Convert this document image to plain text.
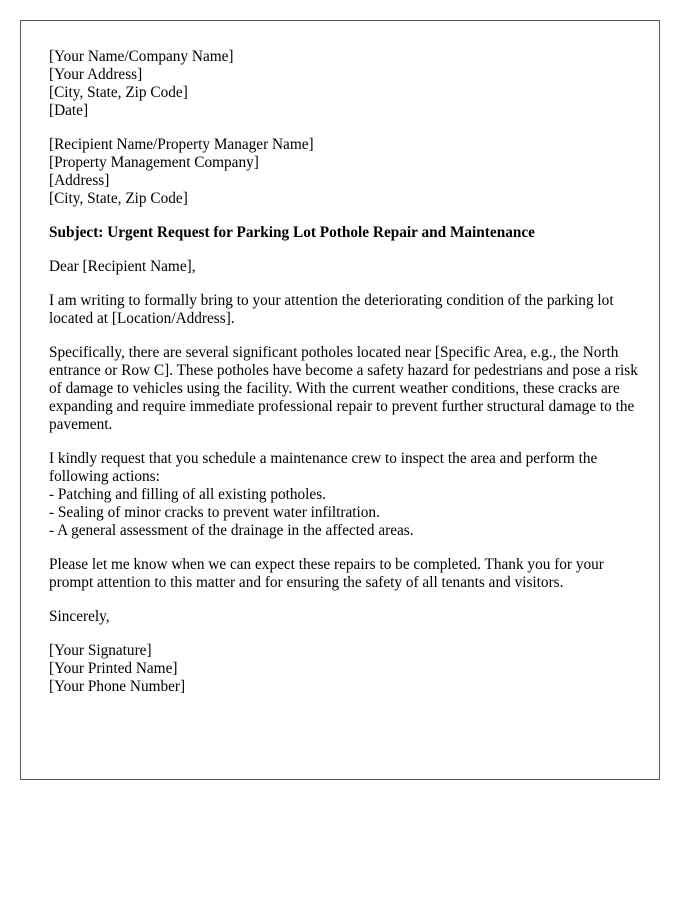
[Your Name/Company Name]
[Your Address]
[City, State, Zip Code]
[Date]
[Recipient Name/Property Manager Name]
[Property Management Company]
[Address]
[City, State, Zip Code]
Subject: Urgent Request for Parking Lot Pothole Repair and Maintenance
Dear [Recipient Name],
I am writing to formally bring to your attention the deteriorating condition of the parking lot located at [Location/Address].
Specifically, there are several significant potholes located near [Specific Area, e.g., the North entrance or Row C]. These potholes have become a safety hazard for pedestrians and pose a risk of damage to vehicles using the facility. With the current weather conditions, these cracks are expanding and require immediate professional repair to prevent further structural damage to the pavement.
I kindly request that you schedule a maintenance crew to inspect the area and perform the following actions:
- Patching and filling of all existing potholes.
- Sealing of minor cracks to prevent water infiltration.
- A general assessment of the drainage in the affected areas.
Please let me know when we can expect these repairs to be completed. Thank you for your prompt attention to this matter and for ensuring the safety of all tenants and visitors.
Sincerely,
[Your Signature]
[Your Printed Name]
[Your Phone Number]
